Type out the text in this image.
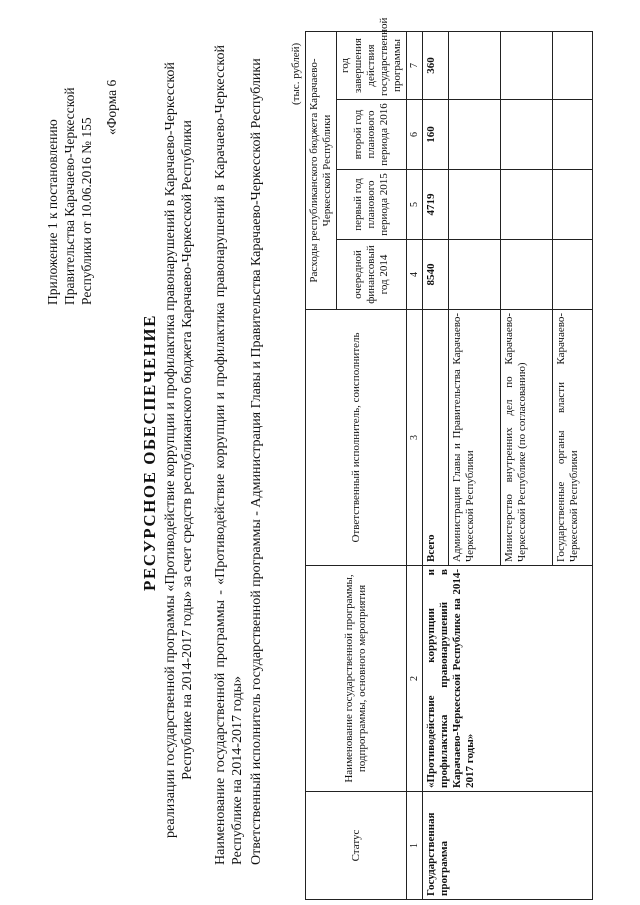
Приложение 1 к постановлению Правительства Карачаево-Черкесской Республики от 10.06.2016 № 155
«Форма 6
РЕСУРСНОЕ ОБЕСПЕЧЕНИЕ реализации государственной программы «Противодействие коррупции и профилактика правонарушений в Карачаево-Черкесской Республике на 2014-2017 годы» за счет средств республиканского бюджета Карачаево-Черкесской Республики Наименование государственной программы - «Противодействие коррупции и профилактика правонарушений в Карачаево-Черкесской Республике на 2014-2017 годы» Ответственный исполнитель государственной программы - Администрация Главы и Правительства Карачаево-Черкесской Республики (тыс. рублей)
Статус	Наименование государственной программы, подпрограммы, основного мероприятия	Ответственный исполнитель, соисполнитель	Расходы республиканского бюджета Карачаево-Черкесской Республики			
			очередной финансовый год 2014	первый год планового периода 2015	второй год планового периода 2016	год завершения действия государственной программы
1	2	3	4	5	6	7
Государственная программа	«Противодействие коррупции и профилактика правонарушений в Карачаево-Черкесской Республике на 2014-2017 годы»	Всего	8540	4719	160	360
		Администрация Главы и Правительства Карачаево-Черкесской Республики				
		Министерство внутренних дел по Карачаево-Черкесской Республике (по согласованию)				
		Государственные органы власти Карачаево-Черкесской Республики				
